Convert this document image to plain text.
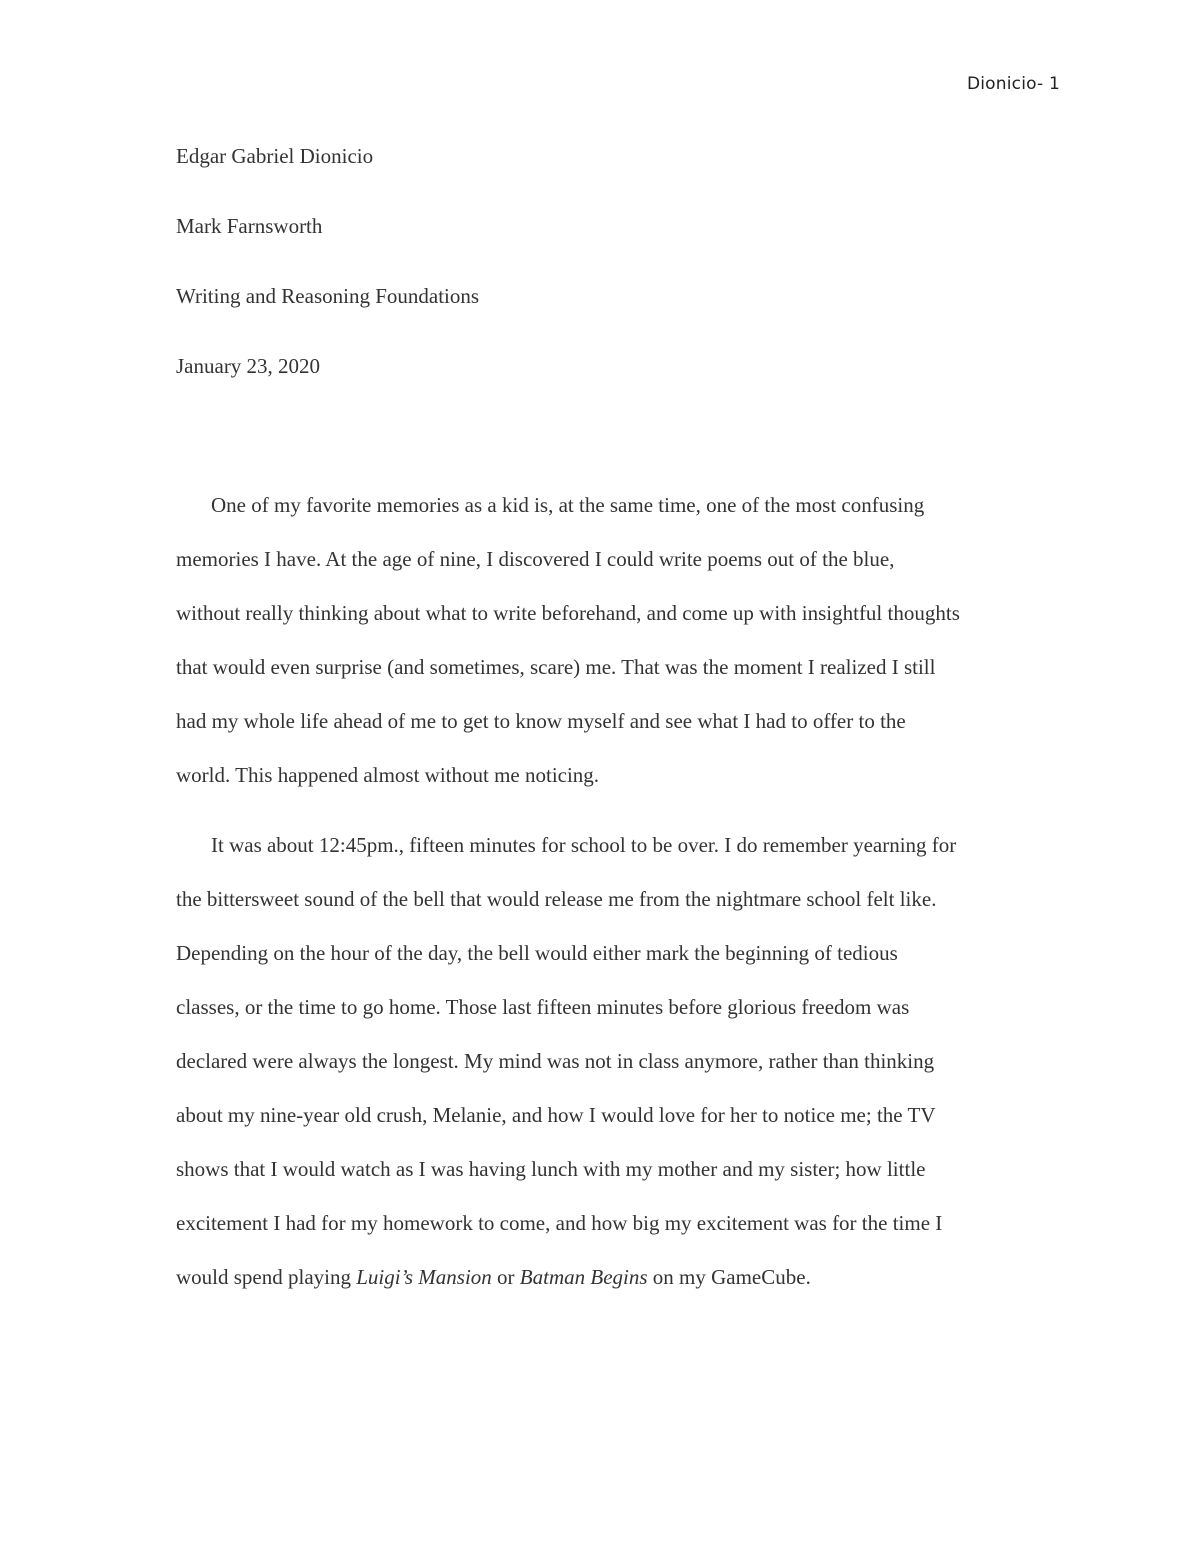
Dionicio- 1
Edgar Gabriel Dionicio
Mark Farnsworth
Writing and Reasoning Foundations
January 23, 2020
One of my favorite memories as a kid is, at the same time, one of the most confusing
memories I have. At the age of nine, I discovered I could write poems out of the blue,
without really thinking about what to write beforehand, and come up with insightful thoughts
that would even surprise (and sometimes, scare) me. That was the moment I realized I still
had my whole life ahead of me to get to know myself and see what I had to offer to the
world. This happened almost without me noticing.
It was about 12:45pm., fifteen minutes for school to be over. I do remember yearning for
the bittersweet sound of the bell that would release me from the nightmare school felt like.
Depending on the hour of the day, the bell would either mark the beginning of tedious
classes, or the time to go home. Those last fifteen minutes before glorious freedom was
declared were always the longest. My mind was not in class anymore, rather than thinking
about my nine-year old crush, Melanie, and how I would love for her to notice me; the TV
shows that I would watch as I was having lunch with my mother and my sister; how little
excitement I had for my homework to come, and how big my excitement was for the time I
would spend playing Luigi’s Mansion or Batman Begins on my GameCube.
